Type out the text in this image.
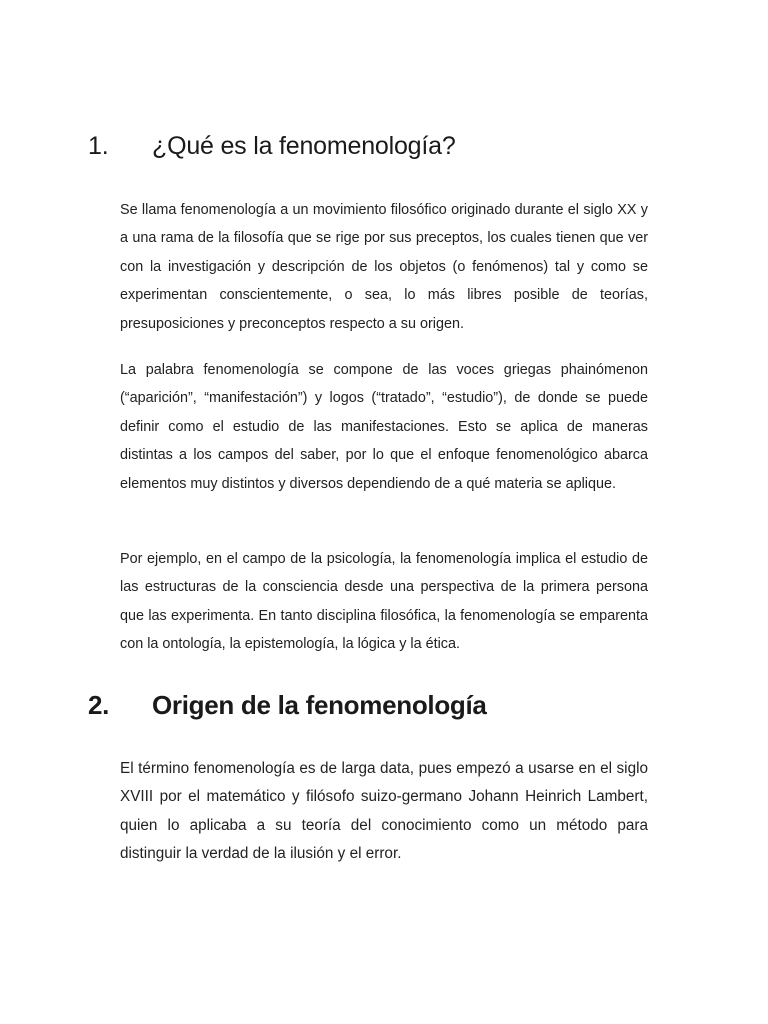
1.	¿Qué es la fenomenología?

Se llama fenomenología a un movimiento filosófico originado durante el siglo XX y a una rama de la filosofía que se rige por sus preceptos, los cuales tienen que ver con la investigación y descripción de los objetos (o fenómenos) tal y como se experimentan conscientemente, o sea, lo más libres posible de teorías, presuposiciones y preconceptos respecto a su origen.

La palabra fenomenología se compone de las voces griegas phainómenon (“aparición”, “manifestación”) y logos (“tratado”, “estudio”), de donde se puede definir como el estudio de las manifestaciones. Esto se aplica de maneras distintas a los campos del saber, por lo que el enfoque fenomenológico abarca elementos muy distintos y diversos dependiendo de a qué materia se aplique.

Por ejemplo, en el campo de la psicología, la fenomenología implica el estudio de las estructuras de la consciencia desde una perspectiva de la primera persona que las experimenta. En tanto disciplina filosófica, la fenomenología se emparenta con la ontología, la epistemología, la lógica y la ética.

2.	Origen de la fenomenología

El término fenomenología es de larga data, pues empezó a usarse en el siglo XVIII por el matemático y filósofo suizo-germano Johann Heinrich Lambert, quien lo aplicaba a su teoría del conocimiento como un método para distinguir la verdad de la ilusión y el error.
